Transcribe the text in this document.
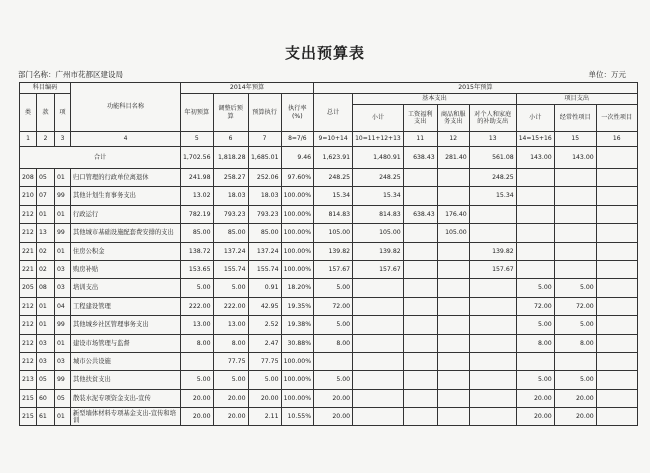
支出预算表
部门名称：广州市花都区建设局	单位：万元
科目编码			功能科目名称	2014年预算				2015年预算							
类	款	项		年初预算	调整后预算	预算执行	执行率(%)	总计	基本支出				项目支出		
									小计	工资福利支出	商品和服务支出	对个人和家庭的补助支出	小计	经常性项目	一次性项目
1	2	3	4	5	6	7	8=7/6	9=10+14	10=11+12+13	11	12	13	14=15+16	15	16
合计				1,702.56	1,818.28	1,685.01	9.46	1,623.91	1,480.91	638.43	281.40	561.08	143.00	143.00	
208	05	01	归口管理的行政单位离退休	241.98	258.27	252.06	97.60%	248.25	248.25			248.25			
210	07	99	其他计划生育事务支出	13.02	18.03	18.03	100.00%	15.34	15.34			15.34			
212	01	01	行政运行	782.19	793.23	793.23	100.00%	814.83	814.83	638.43	176.40				
212	13	99	其他城市基础设施配套费安排的支出	85.00	85.00	85.00	100.00%	105.00	105.00		105.00				
221	02	01	住房公积金	138.72	137.24	137.24	100.00%	139.82	139.82			139.82			
221	02	03	购房补贴	153.65	155.74	155.74	100.00%	157.67	157.67			157.67			
205	08	03	培训支出	5.00	5.00	0.91	18.20%	5.00					5.00	5.00	
212	01	04	工程建设管理	222.00	222.00	42.95	19.35%	72.00					72.00	72.00	
212	01	99	其他城乡社区管理事务支出	13.00	13.00	2.52	19.38%	5.00					5.00	5.00	
212	03	01	建设市场管理与监督	8.00	8.00	2.47	30.88%	8.00					8.00	8.00	
212	03	03	城市公共设施		77.75	77.75	100.00%								
213	05	99	其他扶贫支出	5.00	5.00	5.00	100.00%	5.00					5.00	5.00	
215	60	05	散装水泥专项资金支出-宣传	20.00	20.00	20.00	100.00%	20.00					20.00	20.00	
215	61	01	新型墙体材料专项基金支出-宣传和培训	20.00	20.00	2.11	10.55%	20.00					20.00	20.00	
